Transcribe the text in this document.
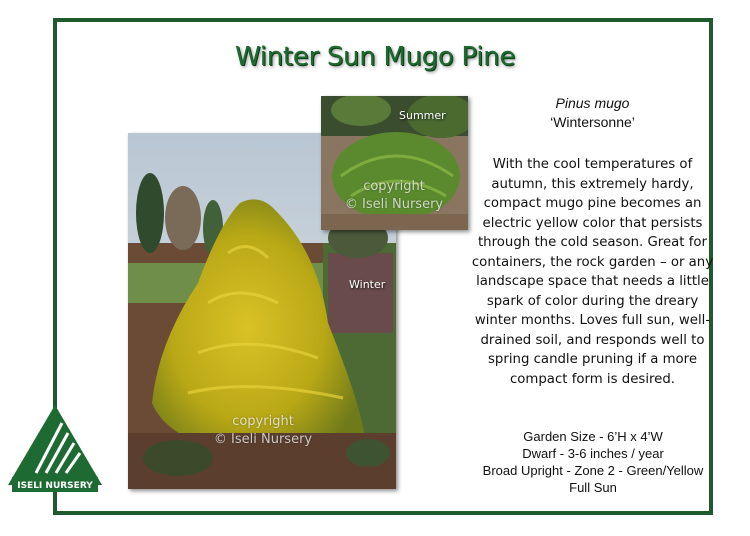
Winter Sun Mugo Pine
Winter
copyright
© Iseli Nursery
Summer
copyright
© Iseli Nursery
Pinus mugo
‘Wintersonne’
With the cool temperatures of autumn, this extremely hardy, compact mugo pine becomes an electric yellow color that persists through the cold season. Great for containers, the rock garden – or any landscape space that needs a little spark of color during the dreary winter months. Loves full sun, well-drained soil, and responds well to spring candle pruning if a more compact form is desired.
Garden Size - 6’H x 4’W
Dwarf - 3-6 inches / year
Broad Upright - Zone 2 - Green/Yellow
Full Sun
ISELI NURSERY
